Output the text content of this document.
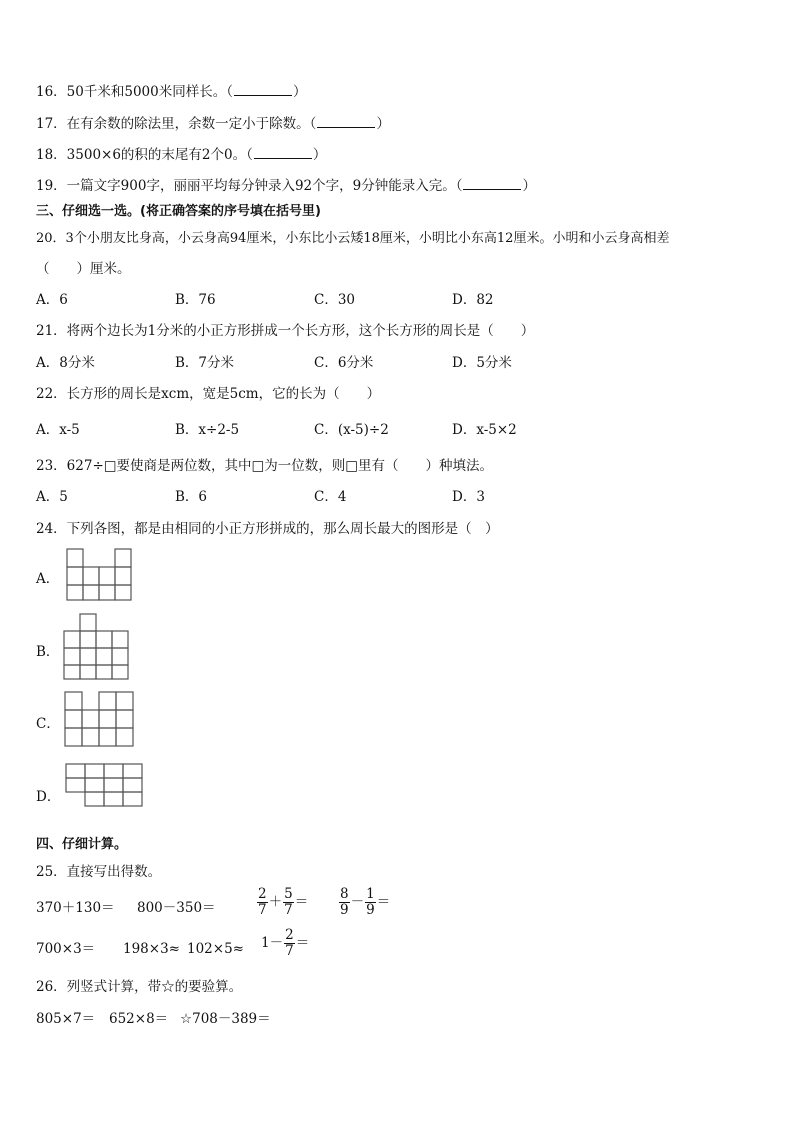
16．50千米和5000米同样长。（	）
17．在有余数的除法里，余数一定小于除数。（	）
18．3500×6的积的末尾有2个0。（	）
19．一篇文字900字，丽丽平均每分钟录入92个字，9分钟能录入完。（	）
三、仔细选一选。(将正确答案的序号填在括号里)
20．3个小朋友比身高，小云身高94厘米，小东比小云矮18厘米，小明比小东高12厘米。小明和小云身高相差
（　　）厘米。
A．6	B．76	C．30	D．82
21．将两个边长为1分米的小正方形拼成一个长方形，这个长方形的周长是（　　）
A．8分米	B．7分米	C．6分米	D．5分米
22．长方形的周长是xcm，宽是5cm，它的长为（　　）
A．x-5	B．x÷2-5	C．(x-5)÷2	D．x-5×2
23．627÷□要使商是两位数，其中□为一位数，则□里有（　　）种填法。
A．5	B．6	C．4	D．3
24．下列各图，都是由相同的小正方形拼成的，那么周长最大的图形是（　）
A．
B．
C．
D．
四、仔细计算。
25．直接写出得数。
370＋130＝ 800－350＝	$\frac{2}{7} + \frac{5}{7} = \frac{8}{9} - \frac{1}{9}$ ＝
$700\times 3= 198\times 3\approx 102\times 5\approx 1- \frac{2}{7}$ ＝
26．列竖式计算，带☆的要验算。
805×7＝ 652×8＝ ☆708－389＝
